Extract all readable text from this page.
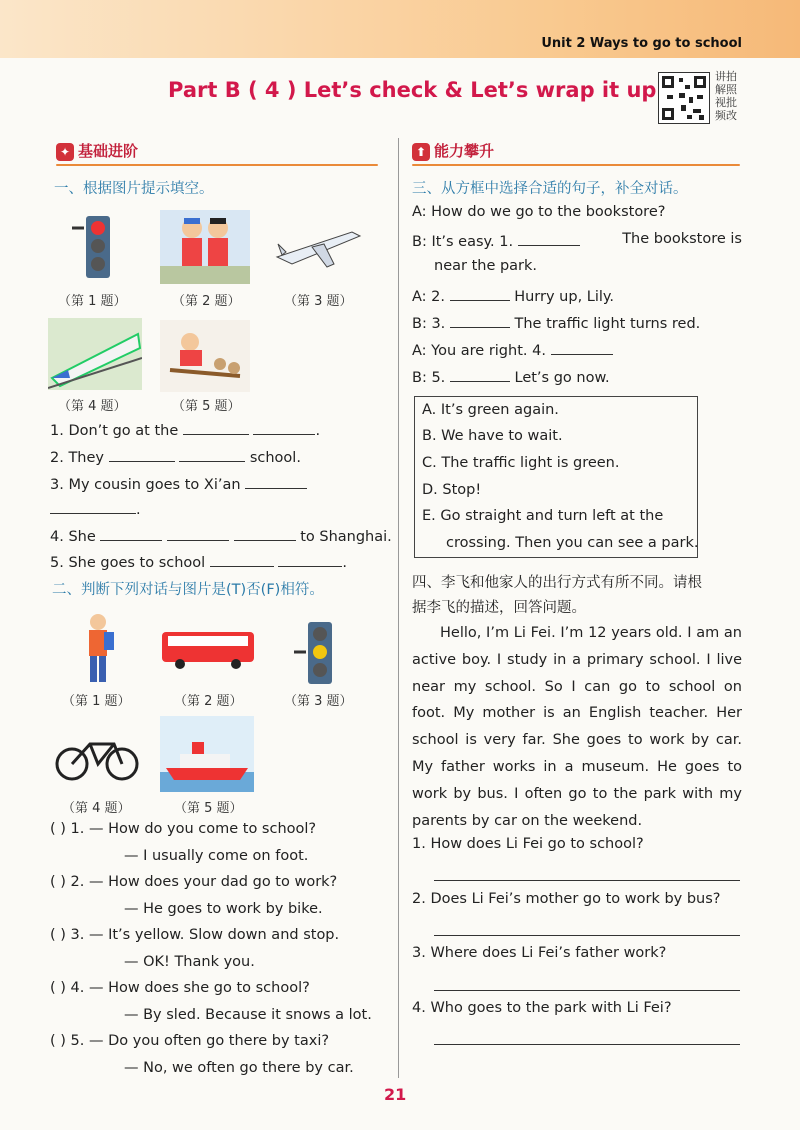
Unit 2 Ways to go to school
Part B ( 4 ) Let’s check & Let’s wrap it up
讲拍解照视批频改
✦ 基础进阶
一、根据图片提示填空。
（第 1 题）	（第 2 题）	（第 3 题）
（第 4 题）	（第 5 题）
1. Don’t go at the	.
2. They	school.
3. My cousin goes to Xi’an
.
4. She	to Shanghai.
5. She goes to school	.
二、判断下列对话与图片是(T)否(F)相符。
（第 1 题）	（第 2 题）	（第 3 题）
（第 4 题）	（第 5 题）
( ) 1. — How do you come to school?
— I usually come on foot.
( ) 2. — How does your dad go to work?
— He goes to work by bike.
( ) 3. — It’s yellow. Slow down and stop.
— OK! Thank you.
( ) 4. — How does she go to school?
— By sled. Because it snows a lot.
( ) 5. — Do you often go there by taxi?
— No, we often go there by car.
⬆ 能力攀升
三、从方框中选择合适的句子，补全对话。
A: How do we go to the bookstore?
B: It’s easy. 1.	The bookstore is
near the park.
A: 2.	Hurry up, Lily.
B: 3.	The traffic light turns red.
A: You are right. 4.
B: 5.	Let’s go now.
A. It’s green again.
B. We have to wait.
C. The traffic light is green.
D. Stop!
E. Go straight and turn left at the
crossing. Then you can see a park.
四、李飞和他家人的出行方式有所不同。请根
据李飞的描述，回答问题。
Hello, I’m Li Fei. I’m 12 years old. I am an active boy. I study in a primary school. I live near my school. So I can go to school on foot. My mother is an English teacher. Her school is very far. She goes to work by car. My father works in a museum. He goes to work by bus. I often go to the park with my parents by car on the weekend.
1. How does Li Fei go to school?
2. Does Li Fei’s mother go to work by bus?
3. Where does Li Fei’s father work?
4. Who goes to the park with Li Fei?
21
